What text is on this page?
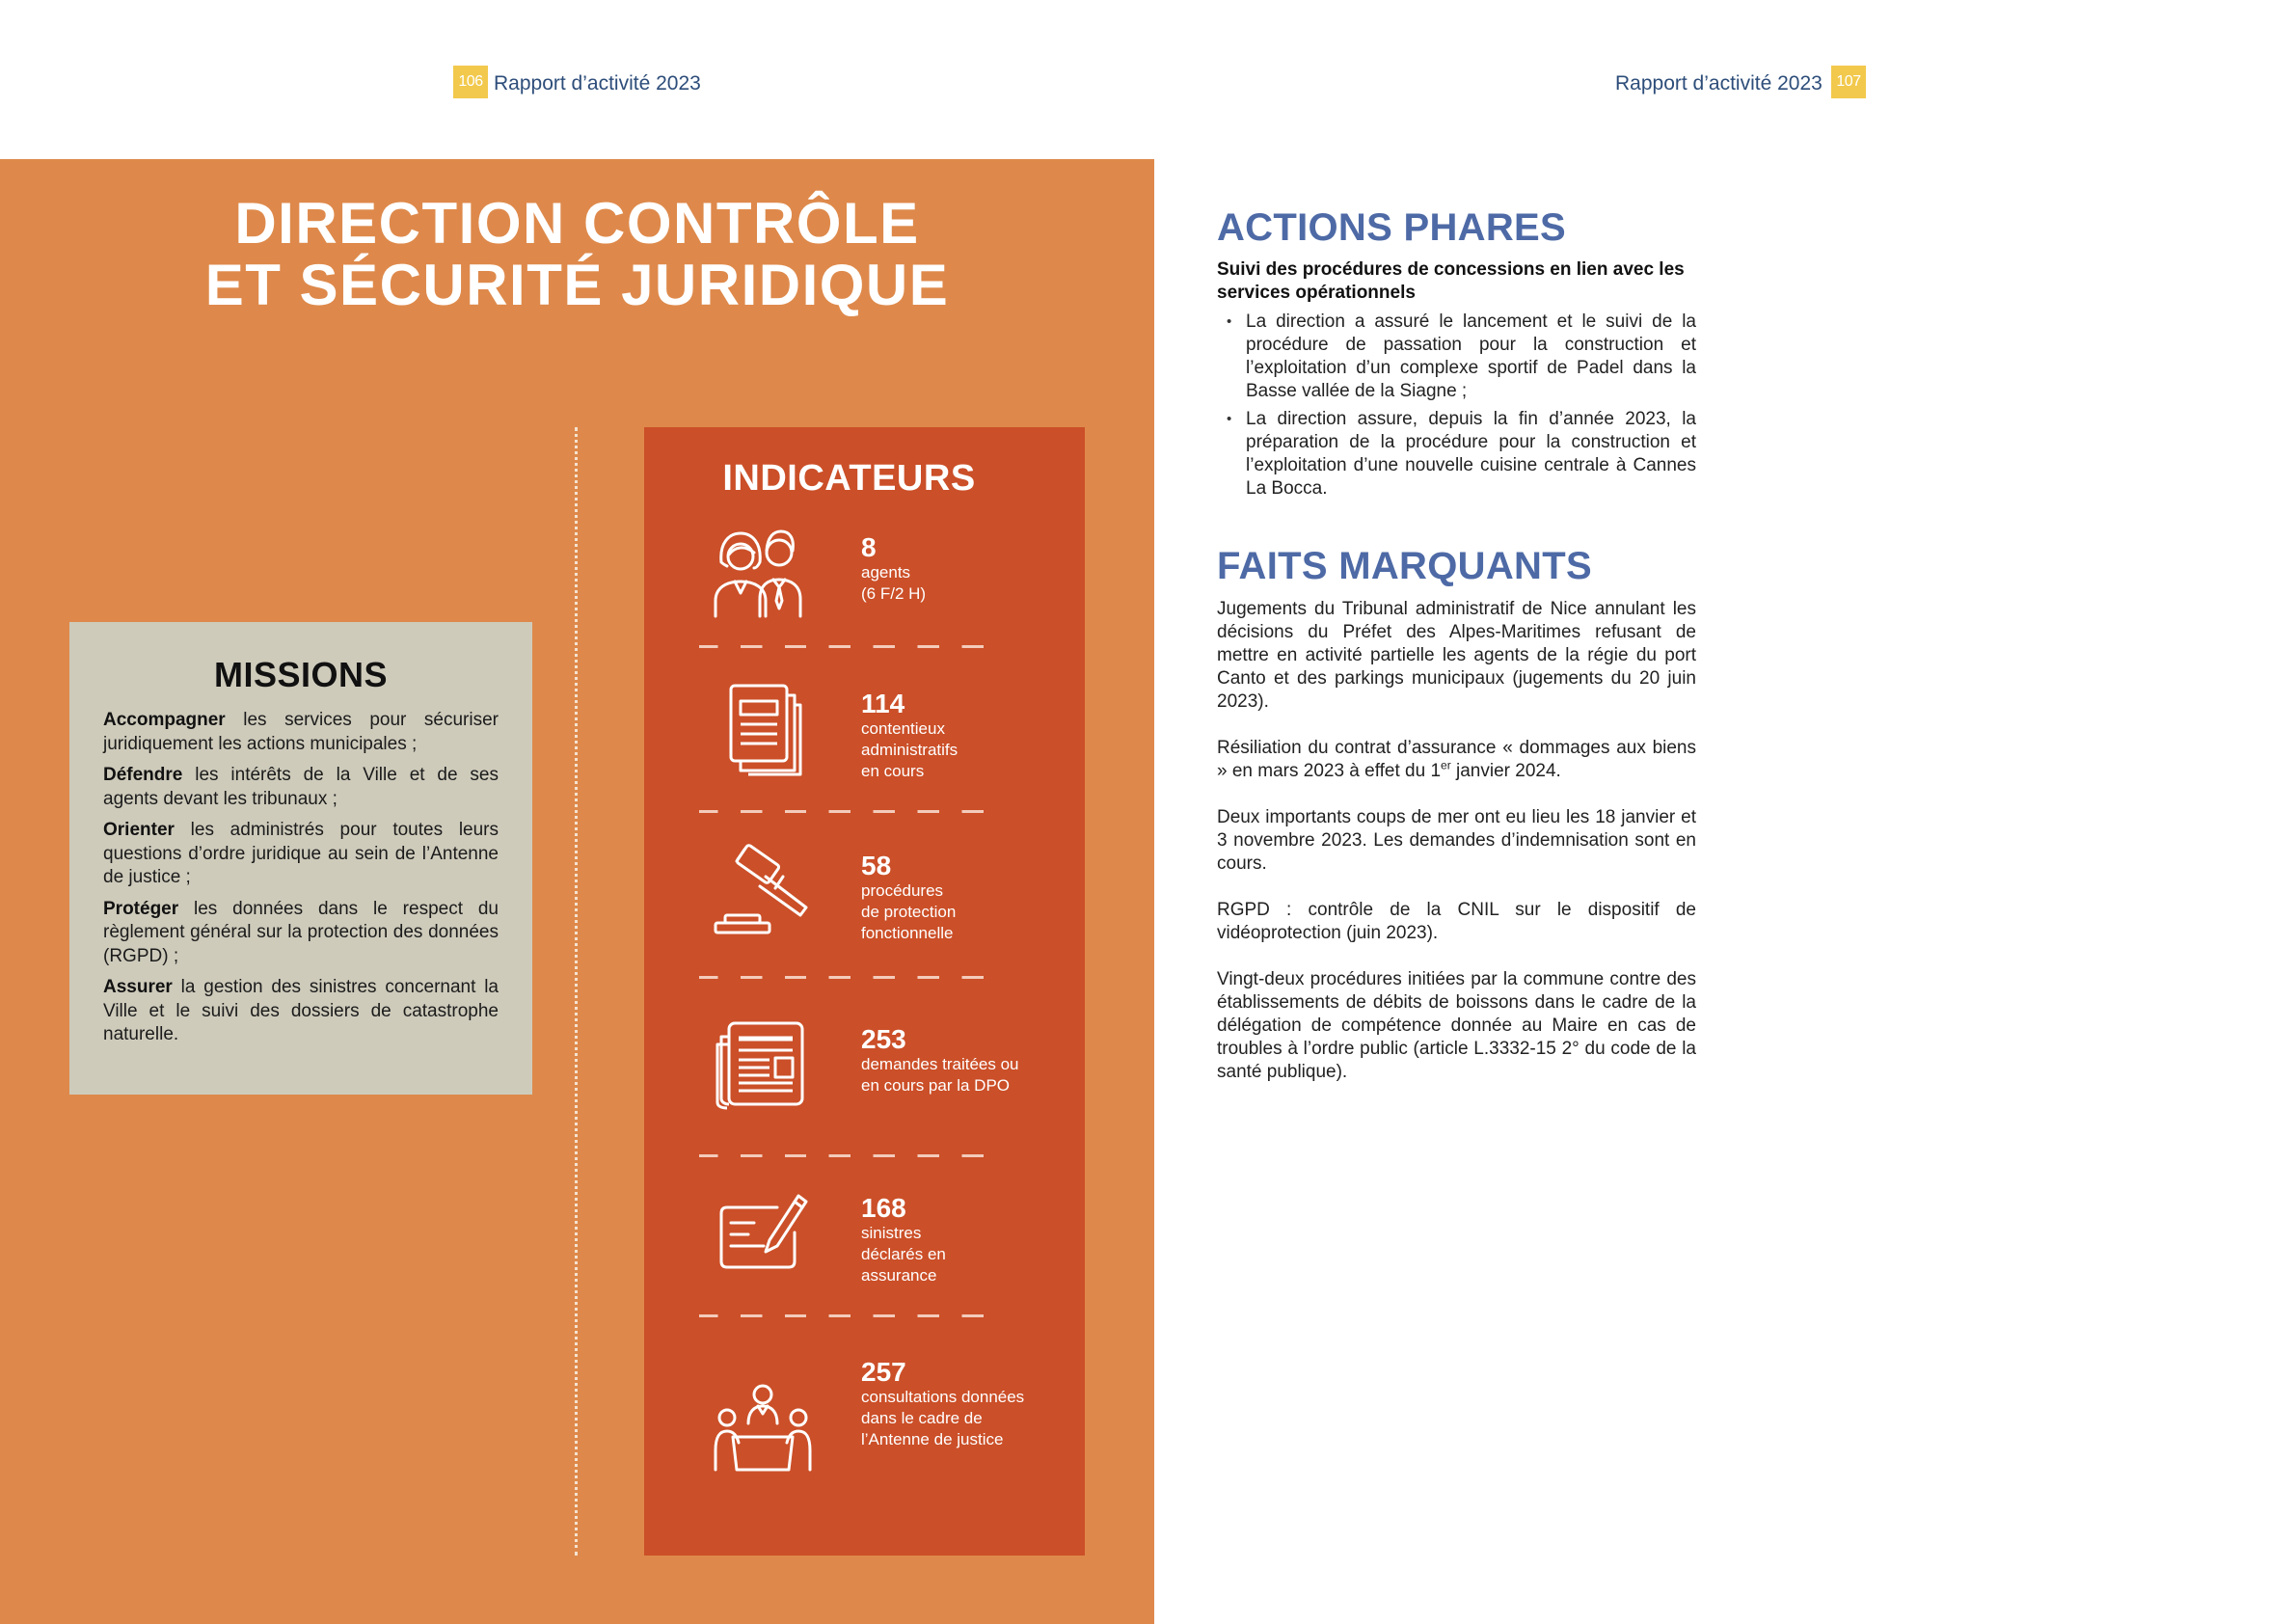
106 Rapport d’activité 2023	Rapport d’activité 2023 107
DIRECTION CONTRÔLE
ET SÉCURITÉ JURIDIQUE
MISSIONS

Accompagner les services pour sécuriser juridiquement les actions municipales ;

Défendre les intérêts de la Ville et de ses agents devant les tribunaux ;

Orienter les administrés pour toutes leurs questions d’ordre juridique au sein de l’Antenne de justice ;

Protéger les données dans le respect du règlement général sur la protection des données (RGPD) ;

Assurer la gestion des sinistres concernant la Ville et le suivi des dossiers de catastrophe naturelle.

INDICATEURS
8
agents
(6 F/2 H)
114
contentieux
administratifs
en cours
58
procédures
de protection
fonctionnelle
253
demandes traitées ou
en cours par la DPO
168
sinistres
déclarés en
assurance
257
consultations données
dans le cadre de
l’Antenne de justice
ACTIONS PHARES
Suivi des procédures de concessions en lien avec les services opérationnels
• La direction a assuré le lancement et le suivi de la procédure de passation pour la construction et l’exploitation d’un complexe sportif de Padel dans la Basse vallée de la Siagne ;
• La direction assure, depuis la fin d’année 2023, la préparation de la procédure pour la construction et l’exploitation d’une nouvelle cuisine centrale à Cannes La Bocca.
FAITS MARQUANTS

Jugements du Tribunal administratif de Nice annulant les décisions du Préfet des Alpes-Maritimes refusant de mettre en activité partielle les agents de la régie du port Canto et des parkings municipaux (jugements du 20 juin 2023).

Résiliation du contrat d’assurance « dommages aux biens » en mars 2023 à effet du 1er janvier 2024.

Deux importants coups de mer ont eu lieu les 18 janvier et 3 novembre 2023. Les demandes d’indemnisation sont en cours.

RGPD : contrôle de la CNIL sur le dispositif de vidéoprotection (juin 2023).

Vingt-deux procédures initiées par la commune contre des établissements de débits de boissons dans le cadre de la délégation de compétence donnée au Maire en cas de troubles à l’ordre public (article L.3332-15 2° du code de la santé publique).
